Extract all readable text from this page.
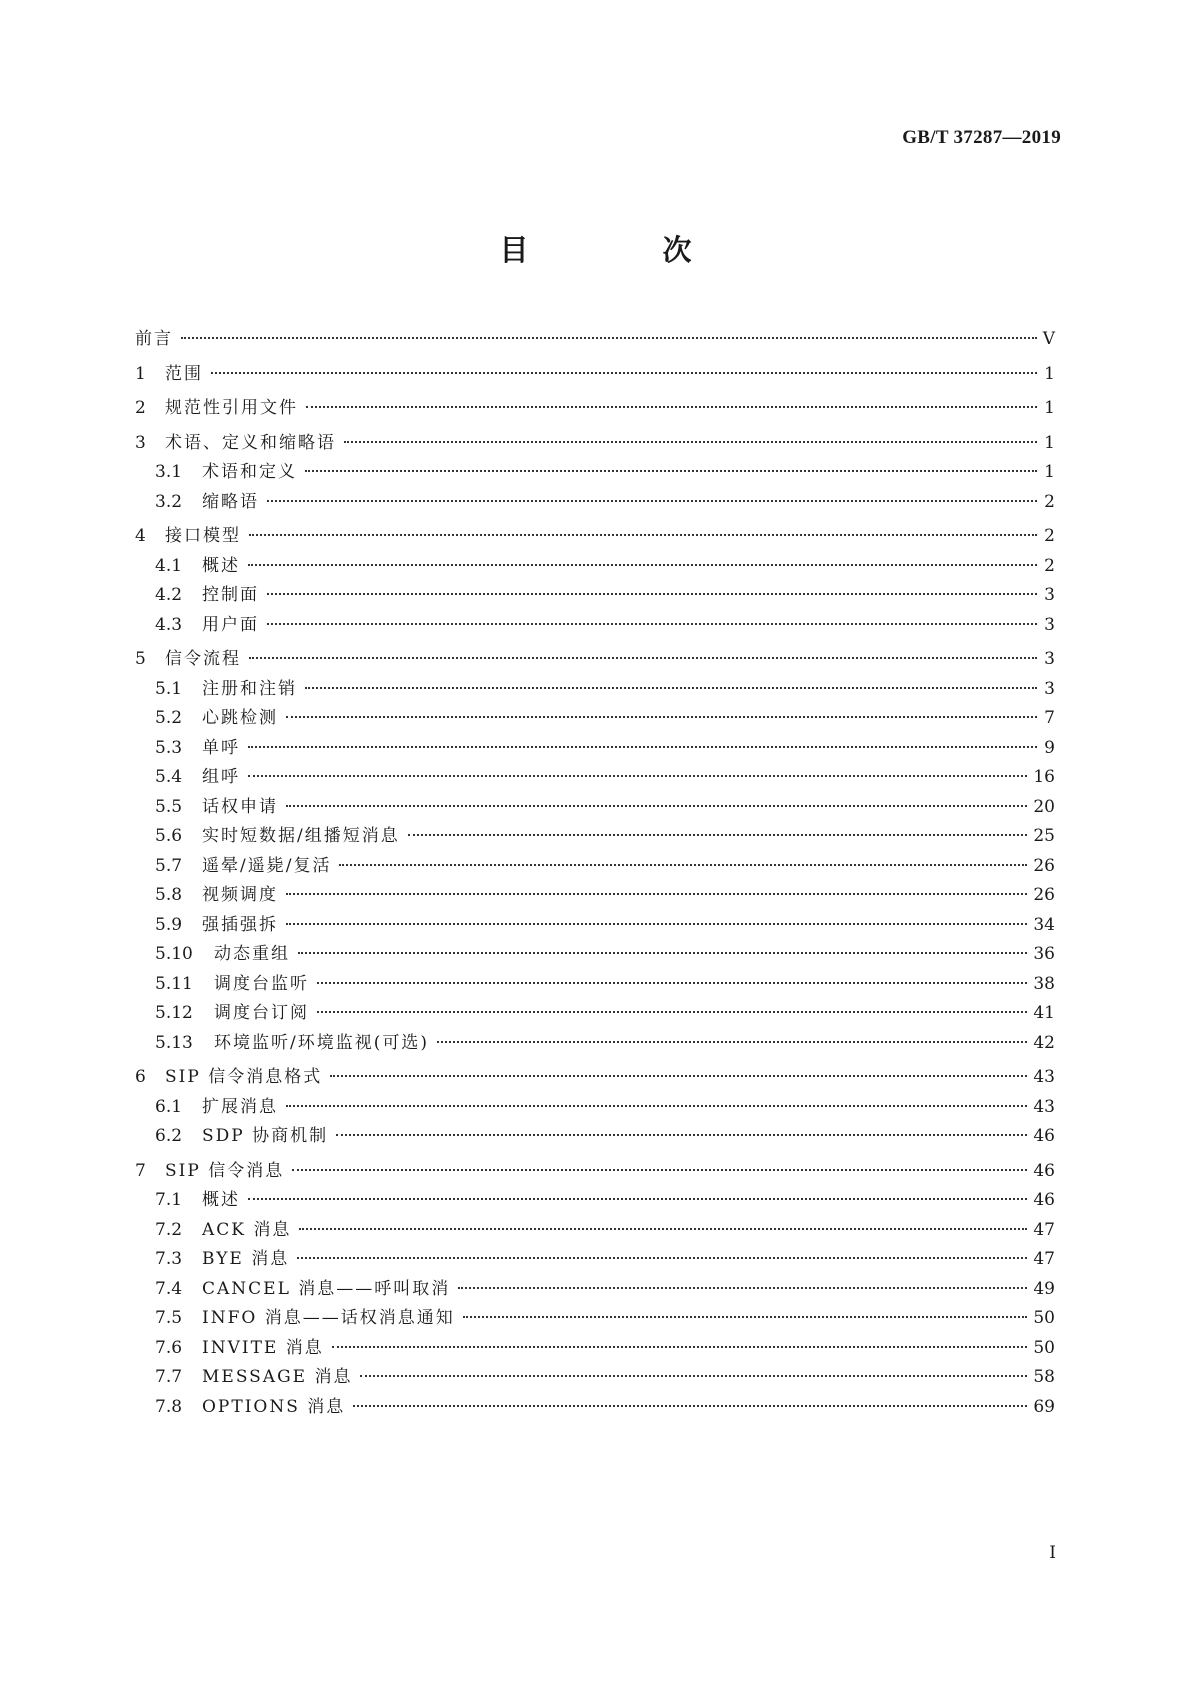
GB/T 37287—2019
目 次
前言	V
1	范围	1
2	规范性引用文件	1
3	术语、定义和缩略语	1
3.1	术语和定义	1
3.2	缩略语	2
4	接口模型	2
4.1	概述	2
4.2	控制面	3
4.3	用户面	3
5	信令流程	3
5.1	注册和注销	3
5.2	心跳检测	7
5.3	单呼	9
5.4	组呼	16
5.5	话权申请	20
5.6	实时短数据/组播短消息	25
5.7	遥晕/遥毙/复活	26
5.8	视频调度	26
5.9	强插强拆	34
5.10	动态重组	36
5.11	调度台监听	38
5.12	调度台订阅	41
5.13	环境监听/环境监视(可选)	42
6	SIP 信令消息格式	43
6.1	扩展消息	43
6.2	SDP 协商机制	46
7	SIP 信令消息	46
7.1	概述	46
7.2	ACK 消息	47
7.3	BYE 消息	47
7.4	CANCEL 消息——呼叫取消	49
7.5	INFO 消息——话权消息通知	50
7.6	INVITE 消息	50
7.7	MESSAGE 消息	58
7.8	OPTIONS 消息	69
I
